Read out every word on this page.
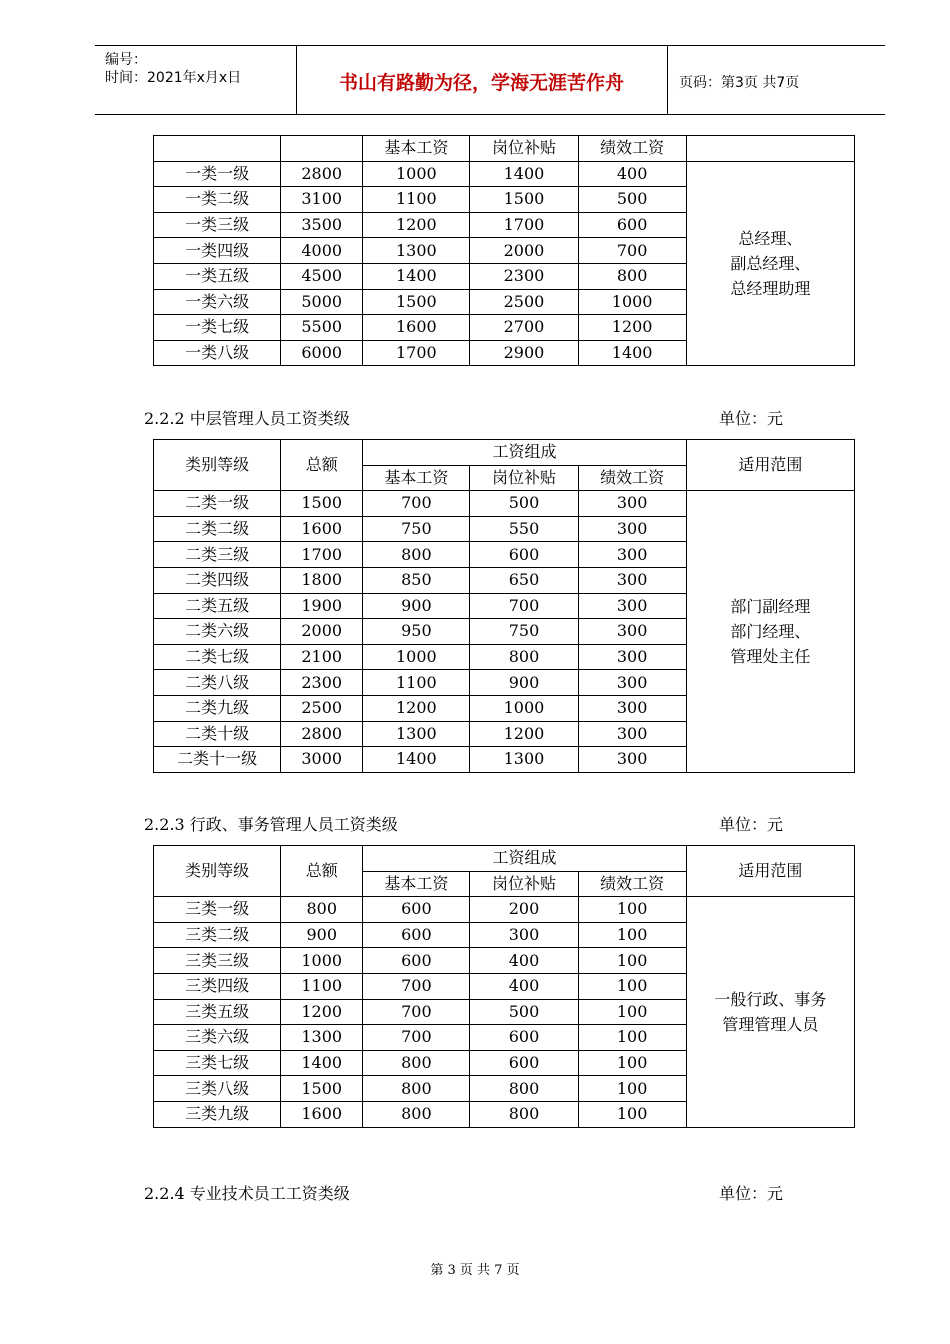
编号：
时间：2021年x月x日	书山有路勤为径，学海无涯苦作舟	页码：第3页 共7页
		基本工资	岗位补贴	绩效工资	
一类一级	2800	1000	1400	400	总经理、
副总经理、
总经理助理

一类二级	3100	1100	1500	500	
一类三级	3500	1200	1700	600	
一类四级	4000	1300	2000	700	
一类五级	4500	1400	2300	800	
一类六级	5000	1500	2500	1000	
一类七级	5500	1600	2700	1200	
一类八级	6000	1700	2900	1400	
2.2.2 中层管理人员工资类级	单位：元
类别等级	总额	工资组成			适用范围
		基本工资	岗位补贴	绩效工资	
二类一级	1500	700	500	300	部门副经理
部门经理、
管理处主任

二类二级	1600	750	550	300	
二类三级	1700	800	600	300	
二类四级	1800	850	650	300	
二类五级	1900	900	700	300	
二类六级	2000	950	750	300	
二类七级	2100	1000	800	300	
二类八级	2300	1100	900	300	
二类九级	2500	1200	1000	300	
二类十级	2800	1300	1200	300	
二类十一级	3000	1400	1300	300	
2.2.3 行政、事务管理人员工资类级	单位：元
类别等级	总额	工资组成			适用范围
		基本工资	岗位补贴	绩效工资	
三类一级	800	600	200	100	一般行政、事务
管理管理人员

三类二级	900	600	300	100	
三类三级	1000	600	400	100	
三类四级	1100	700	400	100	
三类五级	1200	700	500	100	
三类六级	1300	700	600	100	
三类七级	1400	800	600	100	
三类八级	1500	800	800	100	
三类九级	1600	800	800	100	
2.2.4 专业技术员工工资类级	单位：元
第 3 页 共 7 页
